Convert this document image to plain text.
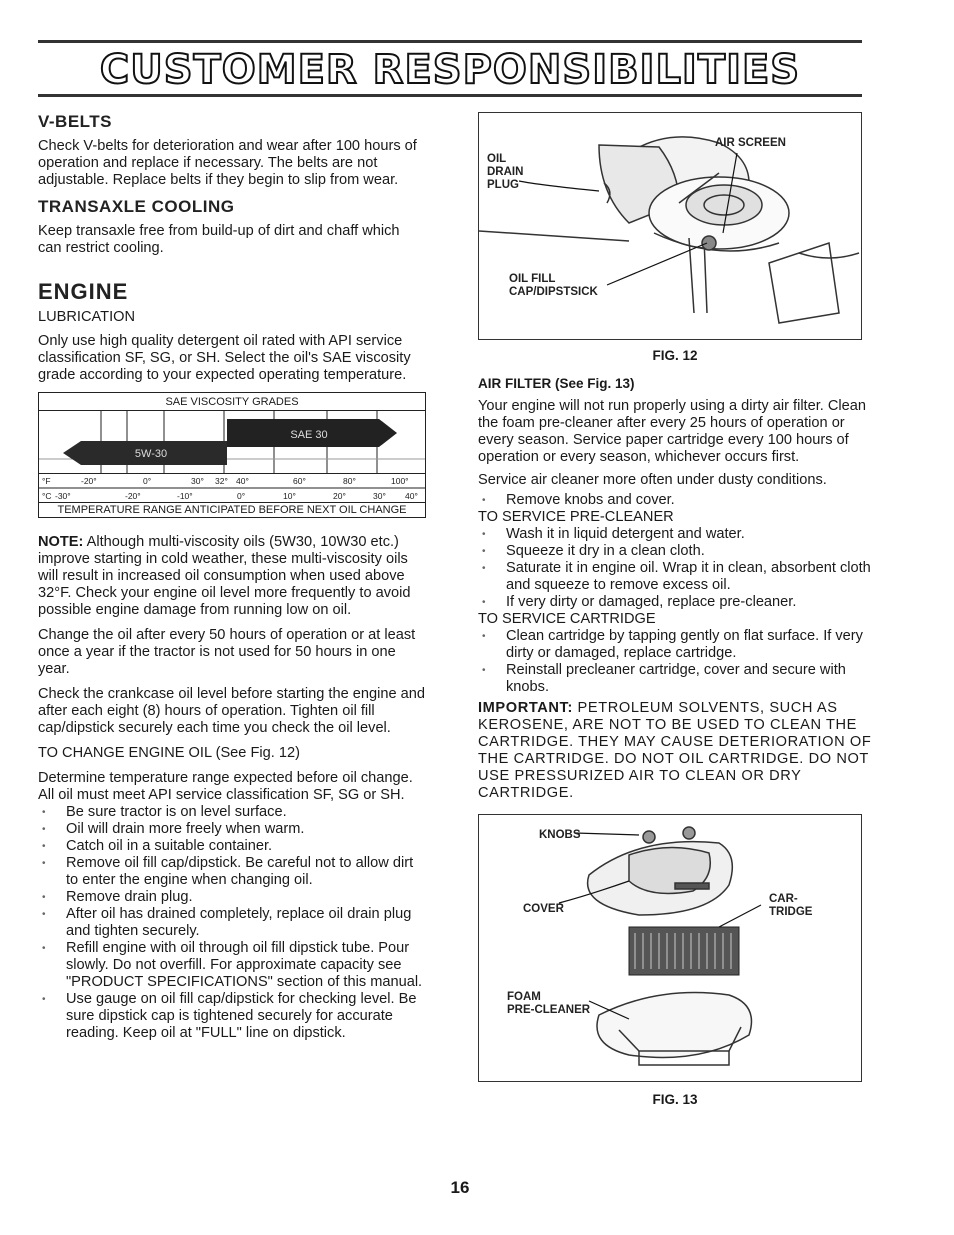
CUSTOMER RESPONSIBILITIES
V-BELTS

Check V-belts for deterioration and wear after 100 hours of operation and replace if necessary. The belts are not adjustable. Replace belts if they begin to slip from wear.

TRANSAXLE COOLING

Keep transaxle free from build-up of dirt and chaff which can restrict cooling.

ENGINE

LUBRICATION

Only use high quality detergent oil rated with API service classification SF, SG, or SH. Select the oil's SAE viscosity grade according to your expected operating temperature.

SAE VISCOSITY GRADES
SAE 30
5W-30
°F	-20°	0°	30° 32° 40°	60°	80°	100°
°C -30°	-20°	-10°	0°	10°	20°	30° 40°
TEMPERATURE RANGE ANTICIPATED BEFORE NEXT OIL CHANGE

NOTE: Although multi-viscosity oils (5W30, 10W30 etc.) improve starting in cold weather, these multi-viscosity oils will result in increased oil consumption when used above 32°F. Check your engine oil level more frequently to avoid possible engine damage from running low on oil.

Change the oil after every 50 hours of operation or at least once a year if the tractor is not used for 50 hours in one year.

Check the crankcase oil level before starting the engine and after each eight (8) hours of operation. Tighten oil fill cap/dipstick securely each time you check the oil level.

TO CHANGE ENGINE OIL (See Fig. 12)

Determine temperature range expected before oil change. All oil must meet API service classification SF, SG or SH.

• Be sure tractor is on level surface.
• Oil will drain more freely when warm.
• Catch oil in a suitable container.
• Remove oil fill cap/dipstick. Be careful not to allow dirt to enter the engine when changing oil.
• Remove drain plug.
• After oil has drained completely, replace oil drain plug and tighten securely.
• Refill engine with oil through oil fill dipstick tube. Pour slowly. Do not overfill. For approximate capacity see "PRODUCT SPECIFICATIONS" section of this manual.
• Use gauge on oil fill cap/dipstick for checking level. Be sure dipstick cap is tightened securely for accurate reading. Keep oil at "FULL" line on dipstick.
OIL
DRAIN
PLUG
AIR SCREEN
OIL FILL
CAP/DIPSTSICK
FIG. 12

AIR FILTER (See Fig. 13)

Your engine will not run properly using a dirty air filter. Clean the foam pre-cleaner after every 25 hours of operation or every season. Service paper cartridge every 100 hours of operation or every season, whichever occurs first.

Service air cleaner more often under dusty conditions.

• Remove knobs and cover.

TO SERVICE PRE-CLEANER

• Wash it in liquid detergent and water.
• Squeeze it dry in a clean cloth.
• Saturate it in engine oil. Wrap it in clean, absorbent cloth and squeeze to remove excess oil.
• If very dirty or damaged, replace pre-cleaner.

TO SERVICE CARTRIDGE

• Clean cartridge by tapping gently on flat surface. If very dirty or damaged, replace cartridge.
• Reinstall precleaner cartridge, cover and secure with knobs.

IMPORTANT: PETROLEUM SOLVENTS, SUCH AS KEROSENE, ARE NOT TO BE USED TO CLEAN THE CARTRIDGE. THEY MAY CAUSE DETERIORATION OF THE CARTRIDGE. DO NOT OIL CARTRIDGE. DO NOT USE PRESSURIZED AIR TO CLEAN OR DRY CARTRIDGE.

KNOBS
COVER
CAR-
TRIDGE
FOAM
PRE-CLEANER
FIG. 13
16
